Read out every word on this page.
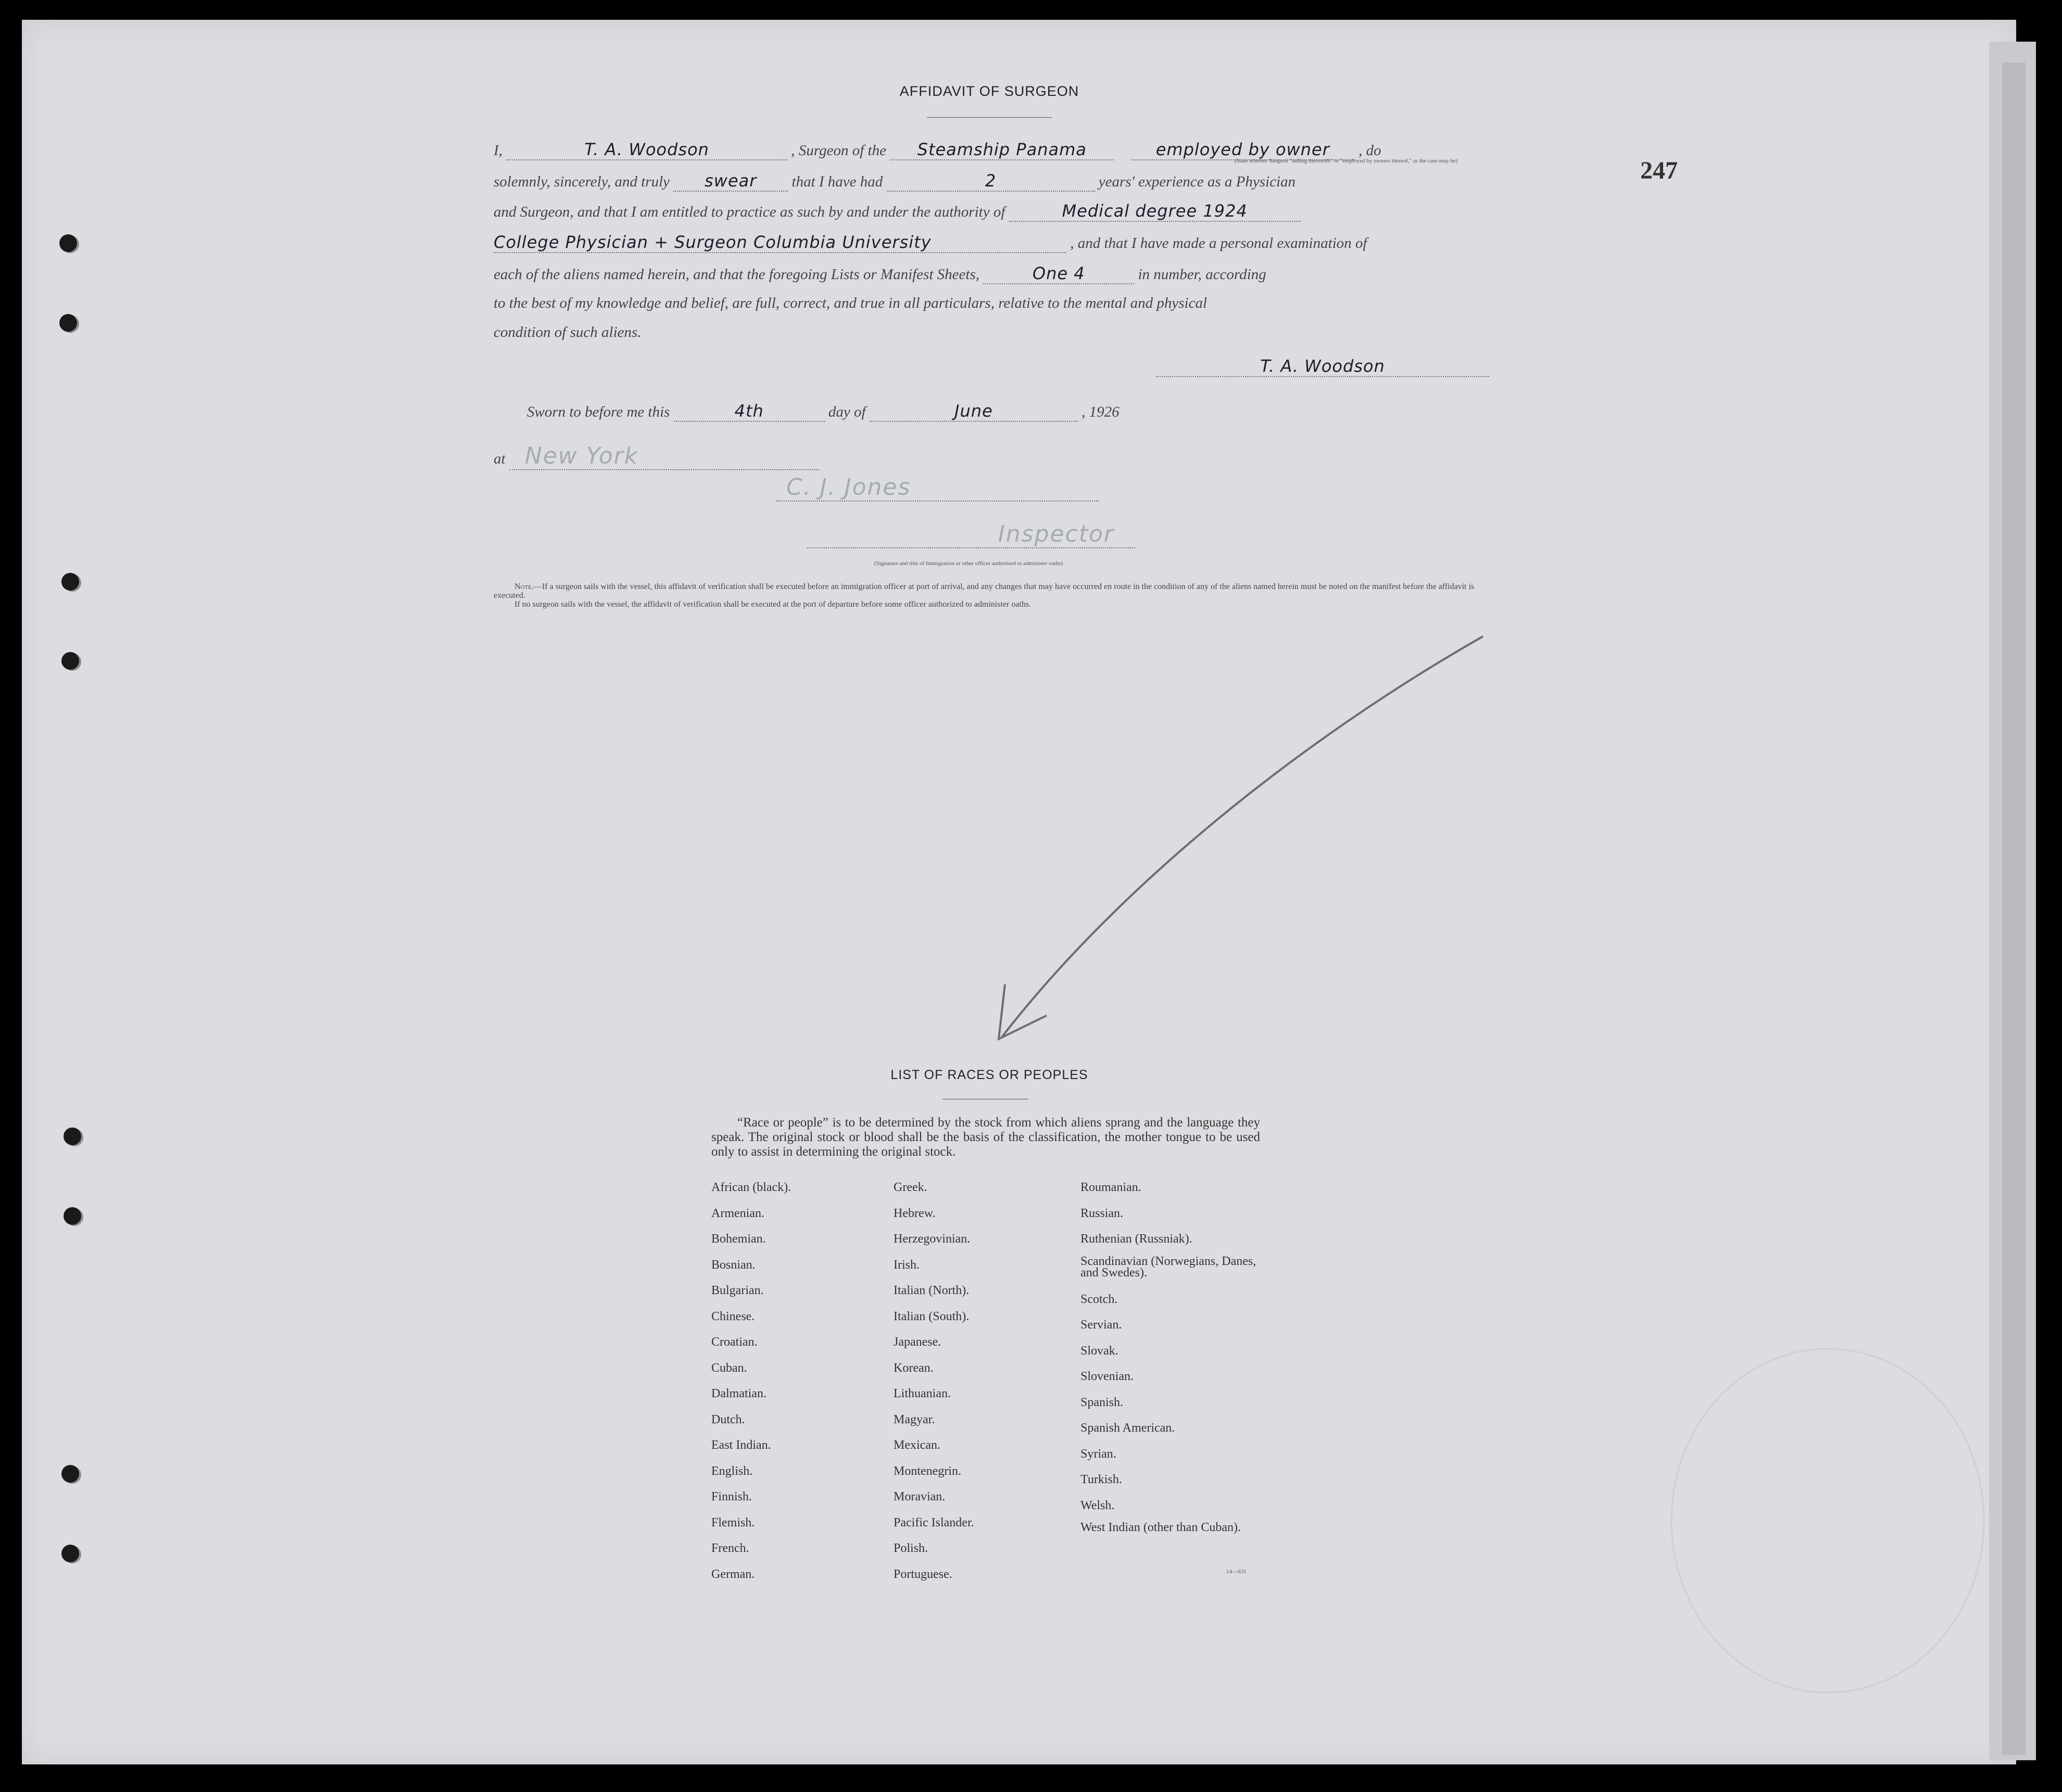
247
AFFIDAVIT OF SURGEON
I,	T. A. Woodson	, Surgeon of the Steamship Panama	employed by owner , do
(State whether Surgeon "sailing therewith" or "employed by owners thereof," as the case may be)
solemnly, sincerely, and truly swear that I have had	2	years' experience as a Physician
and Surgeon, and that I am entitled to practice as such by and under the authority of	Medical degree 1924
College Physician + Surgeon Columbia University	, and that I have made a personal examination of
each of the aliens named herein, and that the foregoing Lists or Manifest Sheets,	One 4	in number, according
to the best of my knowledge and belief, are full, correct, and true in all particulars, relative to the mental and physical
condition of such aliens.
T. A. Woodson
Sworn to before me this	4th	day of	June	, 1926
at New York
C. J. Jones
Inspector
(Signature and title of Immigration or other officer authorized to administer oaths)
Note.—If a surgeon sails with the vessel, this affidavit of verification shall be executed before an immigration officer at port of arrival, and any changes that may have occurred en route in the condition of any of the aliens named herein must be noted on the manifest before the affidavit is executed.
If no surgeon sails with the vessel, the affidavit of verification shall be executed at the port of departure before some officer authorized to administer oaths.
LIST OF RACES OR PEOPLES
“Race or people” is to be determined by the stock from which aliens sprang and the language they speak. The original stock or blood shall be the basis of the classification, the mother tongue to be used only to assist in determining the original stock.
African (black).
Armenian.
Bohemian.
Bosnian.
Bulgarian.
Chinese.
Croatian.
Cuban.
Dalmatian.
Dutch.
East Indian.
English.
Finnish.
Flemish.
French.
German.
Greek.
Hebrew.
Herzegovinian.
Irish.
Italian (North).
Italian (South).
Japanese.
Korean.
Lithuanian.
Magyar.
Mexican.
Montenegrin.
Moravian.
Pacific Islander.
Polish.
Portuguese.
Roumanian.
Russian.
Ruthenian (Russniak).
Scandinavian (Norwegians, Danes, and Swedes).
Scotch.
Servian.
Slovak.
Slovenian.
Spanish.
Spanish American.
Syrian.
Turkish.
Welsh.
West Indian (other than Cuban).
14—631
